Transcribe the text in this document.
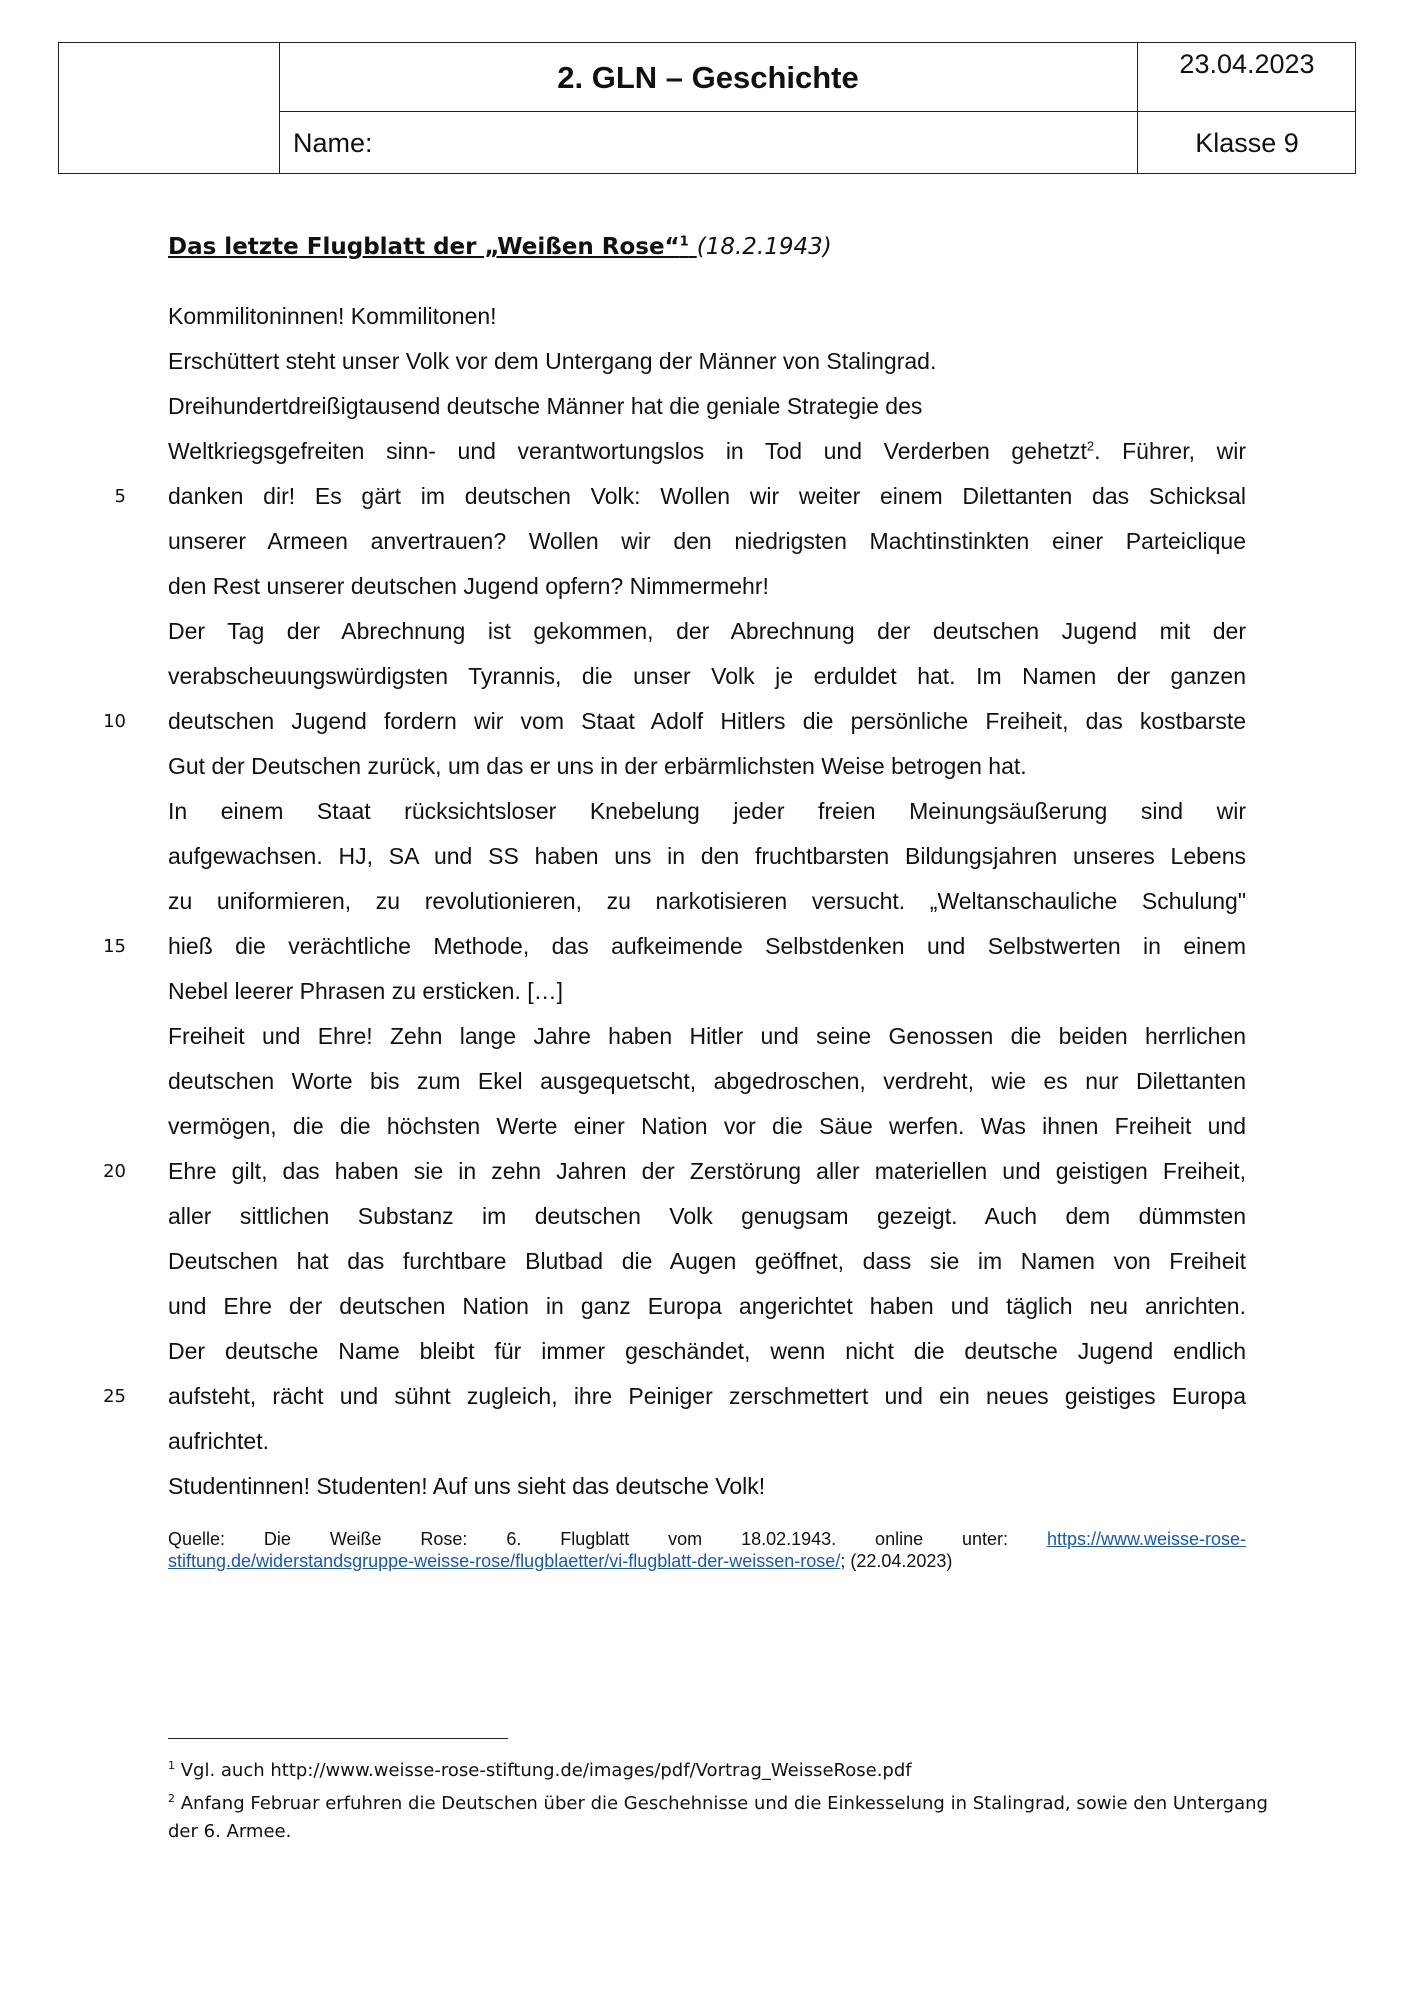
2. GLN – Geschichte	23.04.2023
Name:	Klasse 9
Das letzte Flugblatt der „Weißen Rose“$^1$ (18.2.1943)
5
10
15
20
25
Kommilitoninnen! Kommilitonen!
Erschüttert steht unser Volk vor dem Untergang der Männer von Stalingrad.
Dreihundertdreißigtausend deutsche Männer hat die geniale Strategie des
Weltkriegsgefreiten sinn- und verantwortungslos in Tod und Verderben gehetzt$^2$. Führer, wir
danken dir! Es gärt im deutschen Volk: Wollen wir weiter einem Dilettanten das Schicksal
unserer Armeen anvertrauen? Wollen wir den niedrigsten Machtinstinkten einer Parteiclique
den Rest unserer deutschen Jugend opfern? Nimmermehr!
Der Tag der Abrechnung ist gekommen, der Abrechnung der deutschen Jugend mit der
verabscheuungswürdigsten Tyrannis, die unser Volk je erduldet hat. Im Namen der ganzen
deutschen Jugend fordern wir vom Staat Adolf Hitlers die persönliche Freiheit, das kostbarste
Gut der Deutschen zurück, um das er uns in der erbärmlichsten Weise betrogen hat.
In einem Staat rücksichtsloser Knebelung jeder freien Meinungsäußerung sind wir
aufgewachsen. HJ, SA und SS haben uns in den fruchtbarsten Bildungsjahren unseres Lebens
zu uniformieren, zu revolutionieren, zu narkotisieren versucht. „Weltanschauliche Schulung"
hieß die verächtliche Methode, das aufkeimende Selbstdenken und Selbstwerten in einem
Nebel leerer Phrasen zu ersticken. […]
Freiheit und Ehre! Zehn lange Jahre haben Hitler und seine Genossen die beiden herrlichen
deutschen Worte bis zum Ekel ausgequetscht, abgedroschen, verdreht, wie es nur Dilettanten
vermögen, die die höchsten Werte einer Nation vor die Säue werfen. Was ihnen Freiheit und
Ehre gilt, das haben sie in zehn Jahren der Zerstörung aller materiellen und geistigen Freiheit,
aller sittlichen Substanz im deutschen Volk genugsam gezeigt. Auch dem dümmsten
Deutschen hat das furchtbare Blutbad die Augen geöffnet, dass sie im Namen von Freiheit
und Ehre der deutschen Nation in ganz Europa angerichtet haben und täglich neu anrichten.
Der deutsche Name bleibt für immer geschändet, wenn nicht die deutsche Jugend endlich
aufsteht, rächt und sühnt zugleich, ihre Peiniger zerschmettert und ein neues geistiges Europa
aufrichtet.
Studentinnen! Studenten! Auf uns sieht das deutsche Volk!
Quelle: Die Weiße Rose: 6. Flugblatt vom 18.02.1943. online unter: https://www.weisse-rose-
stiftung.de/widerstandsgruppe-weisse-rose/flugblaetter/vi-flugblatt-der-weissen-rose/; (22.04.2023)
$^1$ Vgl. auch http://www.weisse-rose-stiftung.de/images/pdf/Vortrag_WeisseRose.pdf
$^2$ Anfang Februar erfuhren die Deutschen über die Geschehnisse und die Einkesselung in Stalingrad, sowie den Untergang der 6. Armee.
